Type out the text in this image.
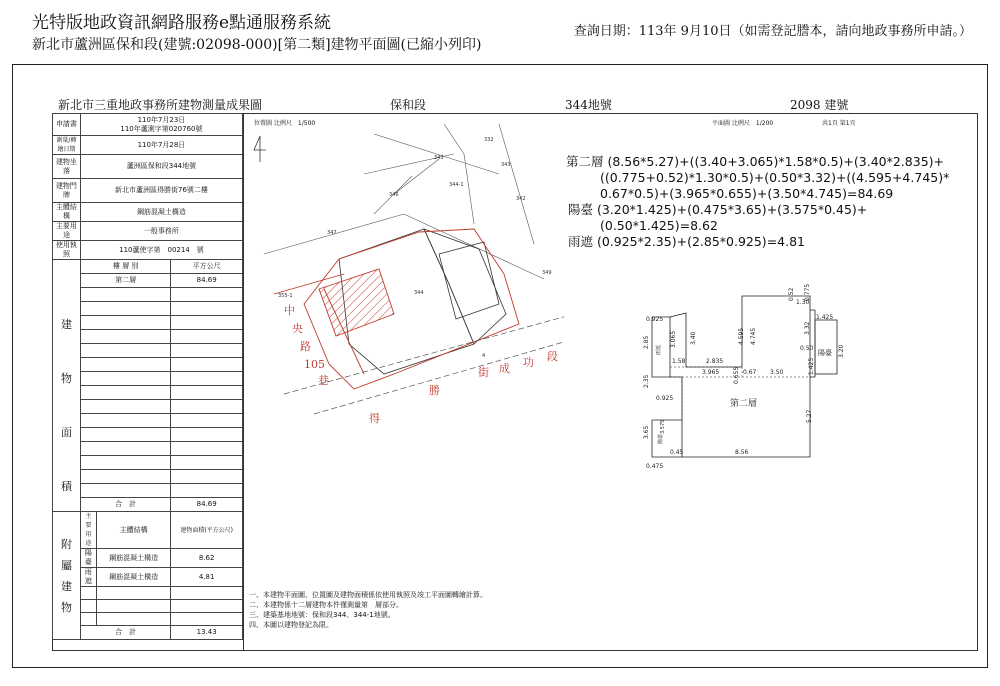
光特版地政資訊網路服務e點通服務系統
新北市蘆洲區保和段(建號:02098-000)[第二類]建物平面圖(已縮小列印)
查詢日期：113年 9月10日（如需登記謄本，請向地政事務所申請。）
新北市三重地政事務所建物測量成果圖	保和段	344地號	2098 建號
申請書	110年7月23日
110年蘆測字第020760號		

測量/轉繪日期	110年7月28日		
建物坐落	蘆洲區保和段344地號		
建物門牌	新北市蘆洲區得勝街76號二樓		
主體結構	鋼筋混凝土構造		
主要用途	一般事務所		
使用執照	110蘆使字第　00214　號		

建
物
面
積	樓 層 別		平方公尺
	第二層		84.69

	合　計		84.69

附
屬
建
物	主要用途	主體結構	建物面積(平方公尺)
	陽臺	鋼筋混凝土構造	8.62
	雨遮	鋼筋混凝土構造	4.81

	合　計		13.43
位置圖 比例尺　1/500	平面圖 比例尺　1/200	共1頁 第1頁
332
343
343
344-1
342
346
347
344
349
355-1
4
中
央
路
105
巷
得
勝
街 成 功 段
第二層 (8.56*5.27)+((3.40+3.065)*1.58*0.5)+(3.40*2.835)+
((0.775+0.52)*1.30*0.5)+(0.50*3.32)+((4.595+4.745)*
0.67*0.5)+(3.965*0.655)+(3.50*4.745)=84.69
陽臺 (3.20*1.425)+(0.475*3.65)+(3.575*0.45)+
(0.50*1.425)=8.62
雨遮 (0.925*2.35)+(2.85*0.925)=4.81
第二層
陽臺
陽臺
雨遮
0.925
2.85	3.065 3.40
1.58	2.835
4.595 4.745
0.52
1.30
0.775
3.32
1.425
0.50	3.20
1.425
3.965 0.655 0.67 3.50
2.35
0.925
5.27
3.65 3.575
0.45	8.56
0.475
一、本建物平面圖、位置圖及建物面積係依使用執照及竣工平面圖轉繪計算。
二、本建物係十二層建物本件僅測量第　層部分。
三、建築基地地號：保和段344、344-1地號。
四、本圖以建物登記為限。
